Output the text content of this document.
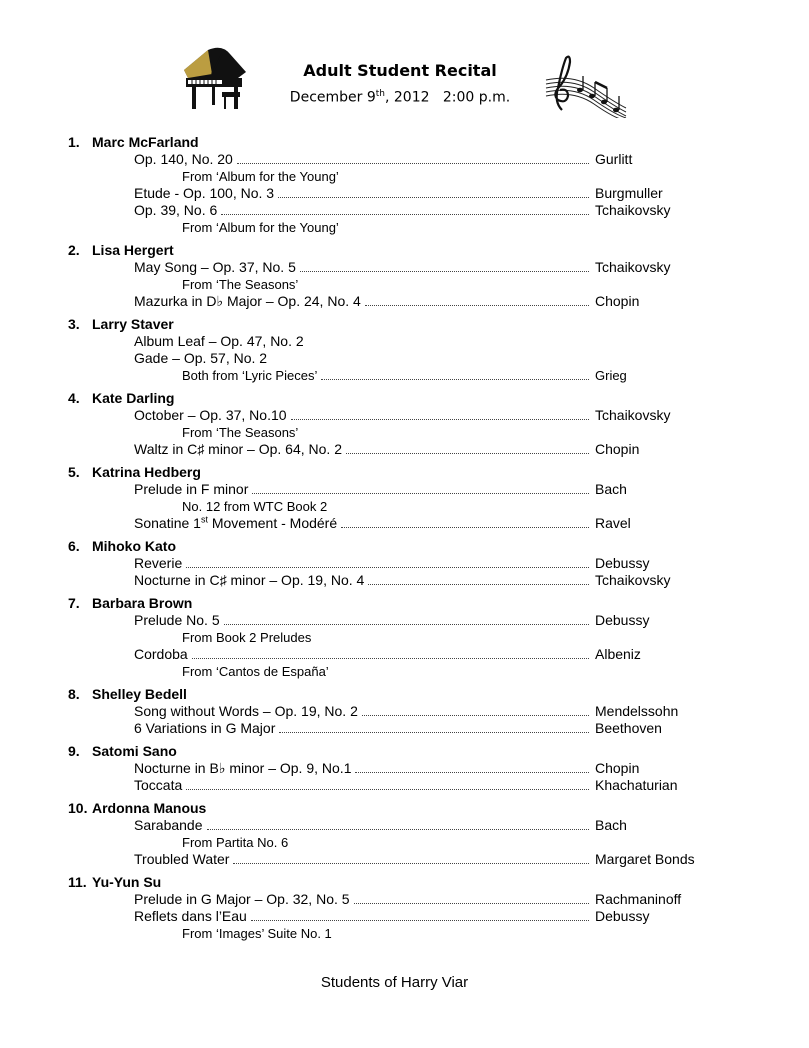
Adult Student Recital
December 9th, 2012   2:00 p.m.
1. Marc McFarland
Op. 140, No. 20	Gurlitt
From ‘Album for the Young’
Etude - Op. 100, No. 3	Burgmuller
Op. 39, No. 6	Tchaikovsky
From ‘Album for the Young’
2. Lisa Hergert
May Song – Op. 37, No. 5	Tchaikovsky
From ‘The Seasons’
Mazurka in D♭ Major – Op. 24, No. 4	Chopin
3. Larry Staver
Album Leaf – Op. 47, No. 2
Gade – Op. 57, No. 2
Both from ‘Lyric Pieces’	Grieg
4. Kate Darling
October – Op. 37, No.10	Tchaikovsky
From ‘The Seasons’
Waltz in C♯ minor – Op. 64, No. 2	Chopin
5. Katrina Hedberg
Prelude in F minor	Bach
No. 12 from WTC Book 2
Sonatine 1st Movement - Modéré	Ravel
6. Mihoko Kato
Reverie	Debussy
Nocturne in C♯ minor – Op. 19, No. 4	Tchaikovsky
7. Barbara Brown
Prelude No. 5	Debussy
From Book 2 Preludes
Cordoba	Albeniz
From ‘Cantos de España’
8. Shelley Bedell
Song without Words – Op. 19, No. 2	Mendelssohn
6 Variations in G Major	Beethoven
9. Satomi Sano
Nocturne in B♭ minor – Op. 9, No.1	Chopin
Toccata	Khachaturian
10. Ardonna Manous
Sarabande	Bach
From Partita No. 6
Troubled Water	Margaret Bonds
11. Yu-Yun Su
Prelude in G Major – Op. 32, No. 5	Rachmaninoff
Reflets dans l’Eau	Debussy
From ‘Images’ Suite No. 1
Students of Harry Viar
